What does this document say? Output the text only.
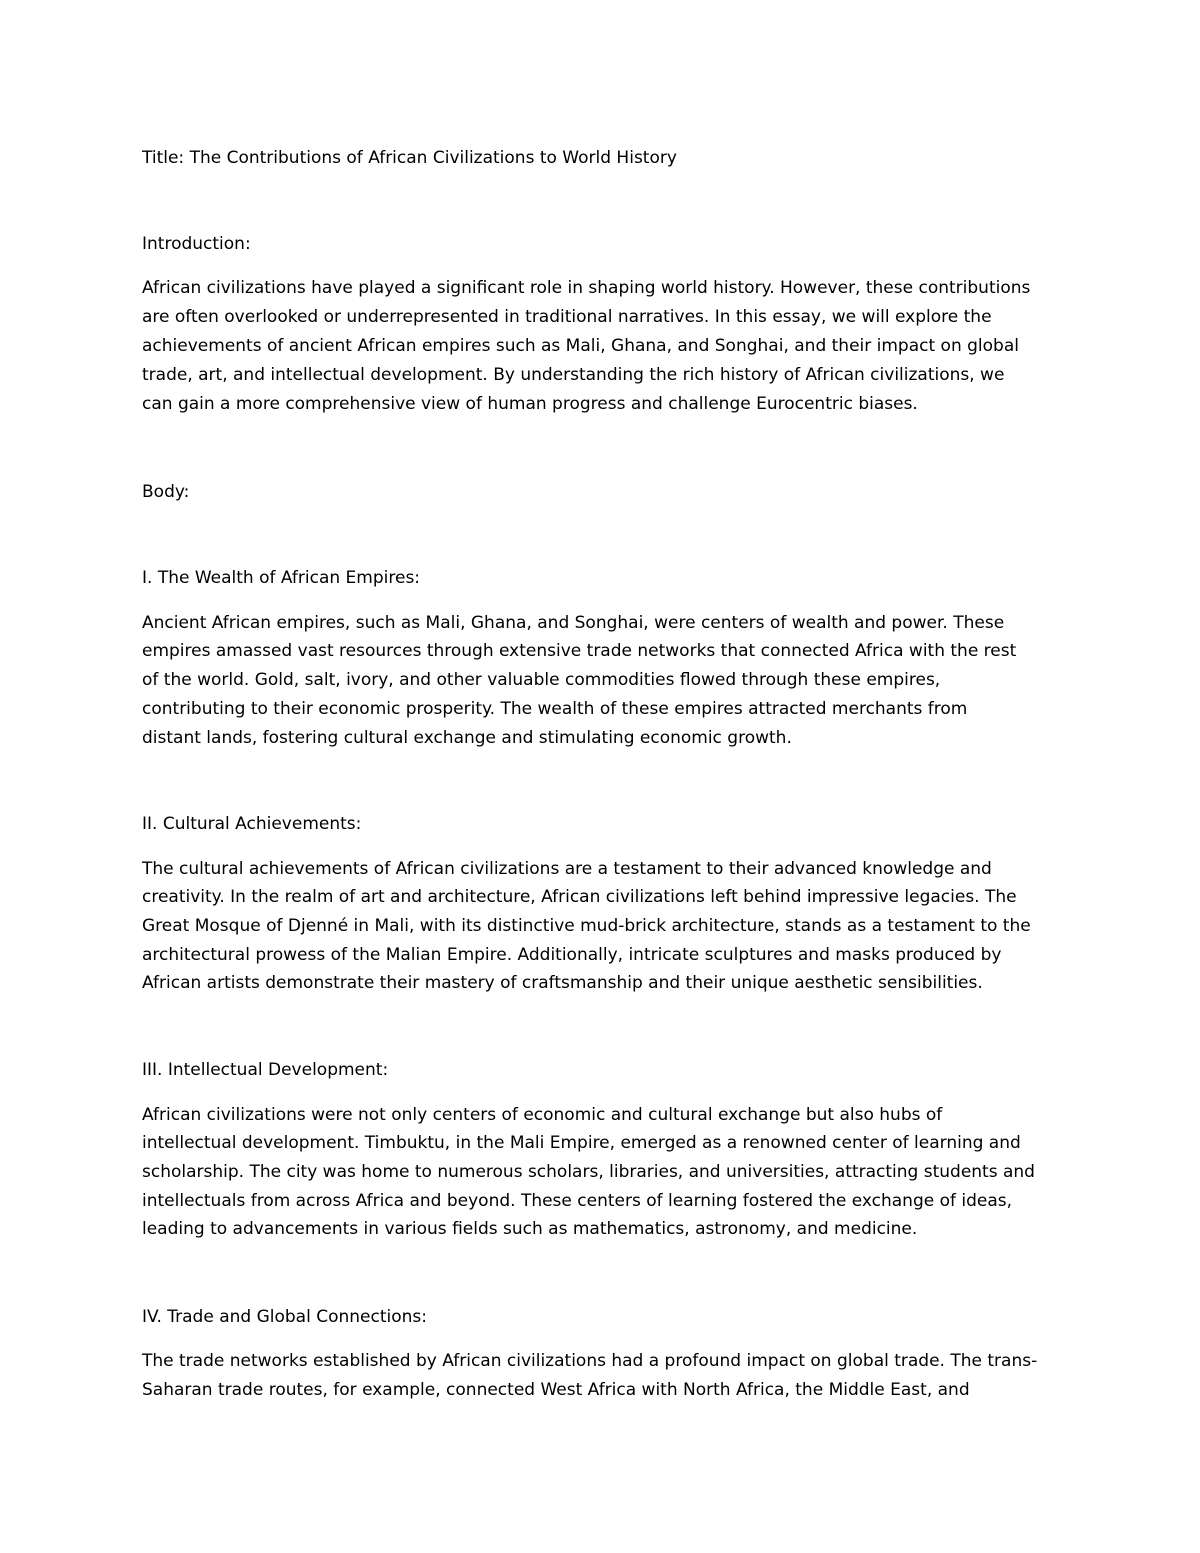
Title: The Contributions of African Civilizations to World History

Introduction:

African civilizations have played a significant role in shaping world history. However, these contributions

are often overlooked or underrepresented in traditional narratives. In this essay, we will explore the

achievements of ancient African empires such as Mali, Ghana, and Songhai, and their impact on global

trade, art, and intellectual development. By understanding the rich history of African civilizations, we

can gain a more comprehensive view of human progress and challenge Eurocentric biases.

Body:

I. The Wealth of African Empires:

Ancient African empires, such as Mali, Ghana, and Songhai, were centers of wealth and power. These

empires amassed vast resources through extensive trade networks that connected Africa with the rest

of the world. Gold, salt, ivory, and other valuable commodities flowed through these empires,

contributing to their economic prosperity. The wealth of these empires attracted merchants from

distant lands, fostering cultural exchange and stimulating economic growth.

II. Cultural Achievements:

The cultural achievements of African civilizations are a testament to their advanced knowledge and

creativity. In the realm of art and architecture, African civilizations left behind impressive legacies. The

Great Mosque of Djenné in Mali, with its distinctive mud-brick architecture, stands as a testament to the

architectural prowess of the Malian Empire. Additionally, intricate sculptures and masks produced by

African artists demonstrate their mastery of craftsmanship and their unique aesthetic sensibilities.

III. Intellectual Development:

African civilizations were not only centers of economic and cultural exchange but also hubs of

intellectual development. Timbuktu, in the Mali Empire, emerged as a renowned center of learning and

scholarship. The city was home to numerous scholars, libraries, and universities, attracting students and

intellectuals from across Africa and beyond. These centers of learning fostered the exchange of ideas,

leading to advancements in various fields such as mathematics, astronomy, and medicine.

IV. Trade and Global Connections:

The trade networks established by African civilizations had a profound impact on global trade. The trans-

Saharan trade routes, for example, connected West Africa with North Africa, the Middle East, and
